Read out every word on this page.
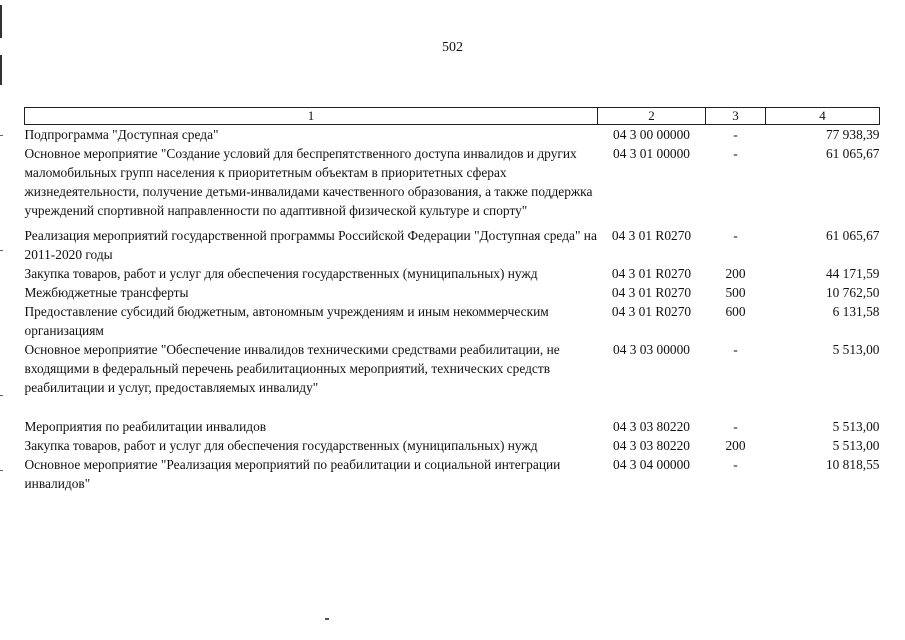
502
1	2	3	4
Подпрограмма "Доступная среда"	04 3 00 00000	-	77 938,39
Основное мероприятие "Создание условий для беспрепятственного доступа инвалидов и других маломобильных групп населения к приоритетным объектам в приоритетных сферах жизнедеятельности, получение детьми-инвалидами качественного образования, а также поддержка учреждений спортивной направленности по адаптивной физической культуре и спорту"	04 3 01 00000	-	61 065,67
Реализация мероприятий государственной программы Российской Федерации "Доступная среда" на 2011-2020 годы	04 3 01 R0270	-	61 065,67
Закупка товаров, работ и услуг для обеспечения государственных (муниципальных) нужд	04 3 01 R0270	200	44 171,59
Межбюджетные трансферты	04 3 01 R0270	500	10 762,50
Предоставление субсидий бюджетным, автономным учреждениям и иным некоммерческим организациям	04 3 01 R0270	600	6 131,58
Основное мероприятие "Обеспечение инвалидов техническими средствами реабилитации, не входящими в федеральный перечень реабилитационных мероприятий, технических средств реабилитации и услуг, предоставляемых инвалиду"	04 3 03 00000	-	5 513,00
Мероприятия по реабилитации инвалидов	04 3 03 80220	-	5 513,00
Закупка товаров, работ и услуг для обеспечения государственных (муниципальных) нужд	04 3 03 80220	200	5 513,00
Основное мероприятие "Реализация мероприятий по реабилитации и социальной интеграции инвалидов"	04 3 04 00000	-	10 818,55
